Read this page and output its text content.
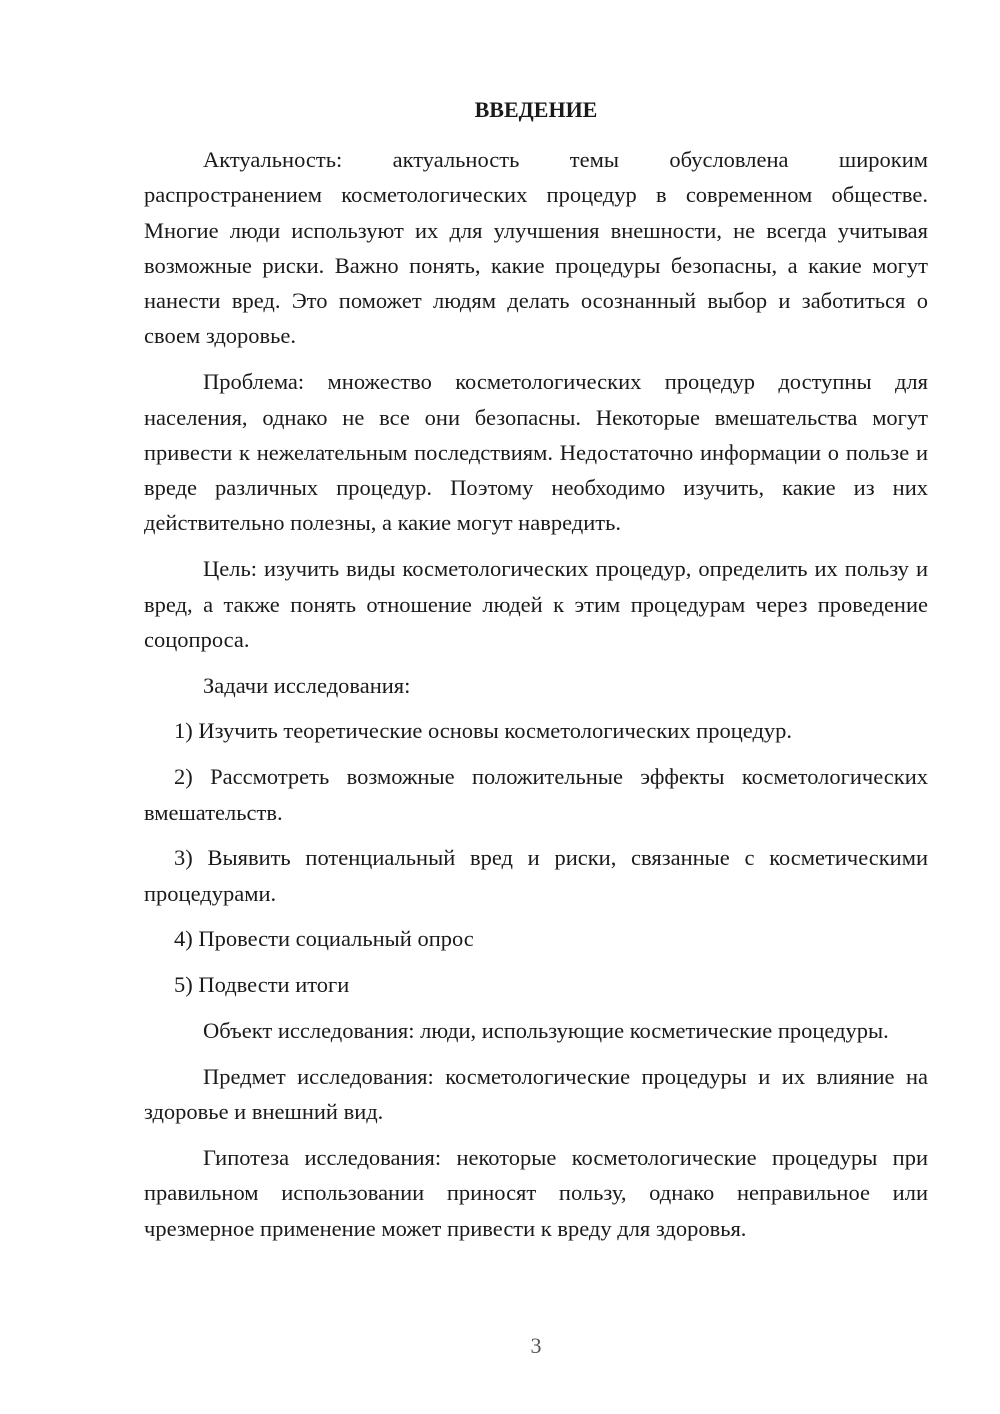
ВВЕДЕНИЕ

Актуальность: актуальность темы обусловлена широким распространением косметологических процедур в современном обществе. Многие люди используют их для улучшения внешности, не всегда учитывая возможные риски. Важно понять, какие процедуры безопасны, а какие могут нанести вред. Это поможет людям делать осознанный выбор и заботиться о своем здоровье.

Проблема: множество косметологических процедур доступны для населения, однако не все они безопасны. Некоторые вмешательства могут привести к нежелательным последствиям. Недостаточно информации о пользе и вреде различных процедур. Поэтому необходимо изучить, какие из них действительно полезны, а какие могут навредить.

Цель: изучить виды косметологических процедур, определить их пользу и вред, а также понять отношение людей к этим процедурам через проведение соцопроса.

Задачи исследования:

1) Изучить теоретические основы косметологических процедур.

2) Рассмотреть возможные положительные эффекты косметологических вмешательств.

3) Выявить потенциальный вред и риски, связанные с косметическими процедурами.

4) Провести социальный опрос

5) Подвести итоги

Объект исследования: люди, использующие косметические процедуры.

Предмет исследования: косметологические процедуры и их влияние на здоровье и внешний вид.

Гипотеза исследования: некоторые косметологические процедуры при правильном использовании приносят пользу, однако неправильное или чрезмерное применение может привести к вреду для здоровья.

3
